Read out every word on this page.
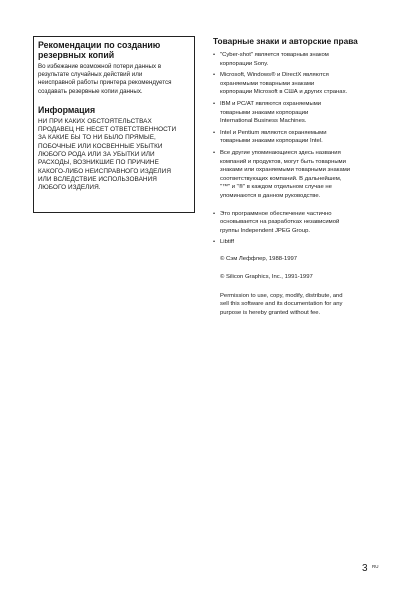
Рекомендации по созданию
резервных копий

Во избежание возможной потери данных в
результате случайных действий или
неисправной работы принтера рекомендуется
создавать резервные копии данных.

Информация

НИ ПРИ КАКИХ ОБСТОЯТЕЛЬСТВАХ
ПРОДАВЕЦ НЕ НЕСЕТ ОТВЕТСТВЕННОСТИ
ЗА КАКИЕ БЫ ТО НИ БЫЛО ПРЯМЫЕ,
ПОБОЧНЫЕ ИЛИ КОСВЕННЫЕ УБЫТКИ
ЛЮБОГО РОДА ИЛИ ЗА УБЫТКИ ИЛИ
РАСХОДЫ, ВОЗНИКШИЕ ПО ПРИЧИНЕ
КАКОГО-ЛИБО НЕИСПРАВНОГО ИЗДЕЛИЯ
ИЛИ ВСЛЕДСТВИЕ ИСПОЛЬЗОВАНИЯ
ЛЮБОГО ИЗДЕЛИЯ.

Товарные знаки и авторские права
• "Cyber-shot" является товарным знаком
корпорации Sony.
• Microsoft, Windows® и DirectX являются
охраняемыми товарными знаками
корпорации Microsoft в США и других странах.
• IBM и PC/AT являются охраняемыми
товарными знаками корпорации
International Business Machines.
• Intel и Pentium являются охраняемыми
товарными знаками корпорации Intel.
• Все другие упоминающиеся здесь названия
компаний и продуктов, могут быть товарными
знаками или охраняемыми товарными знаками
соответствующих компаний. В дальнейшем,
"™" и "®" в каждом отдельном случае не
упоминаются в данном руководстве.
• Это программное обеспечение частично
основывается на разработках независимой
группы Independent JPEG Group.
• Libtiff

© Сэм Леффлер, 1988-1997

© Silicon Graphics, Inc., 1991-1997

Permission to use, copy, modify, distribute, and
sell this software and its documentation for any
purpose is hereby granted without fee.

3 RU
